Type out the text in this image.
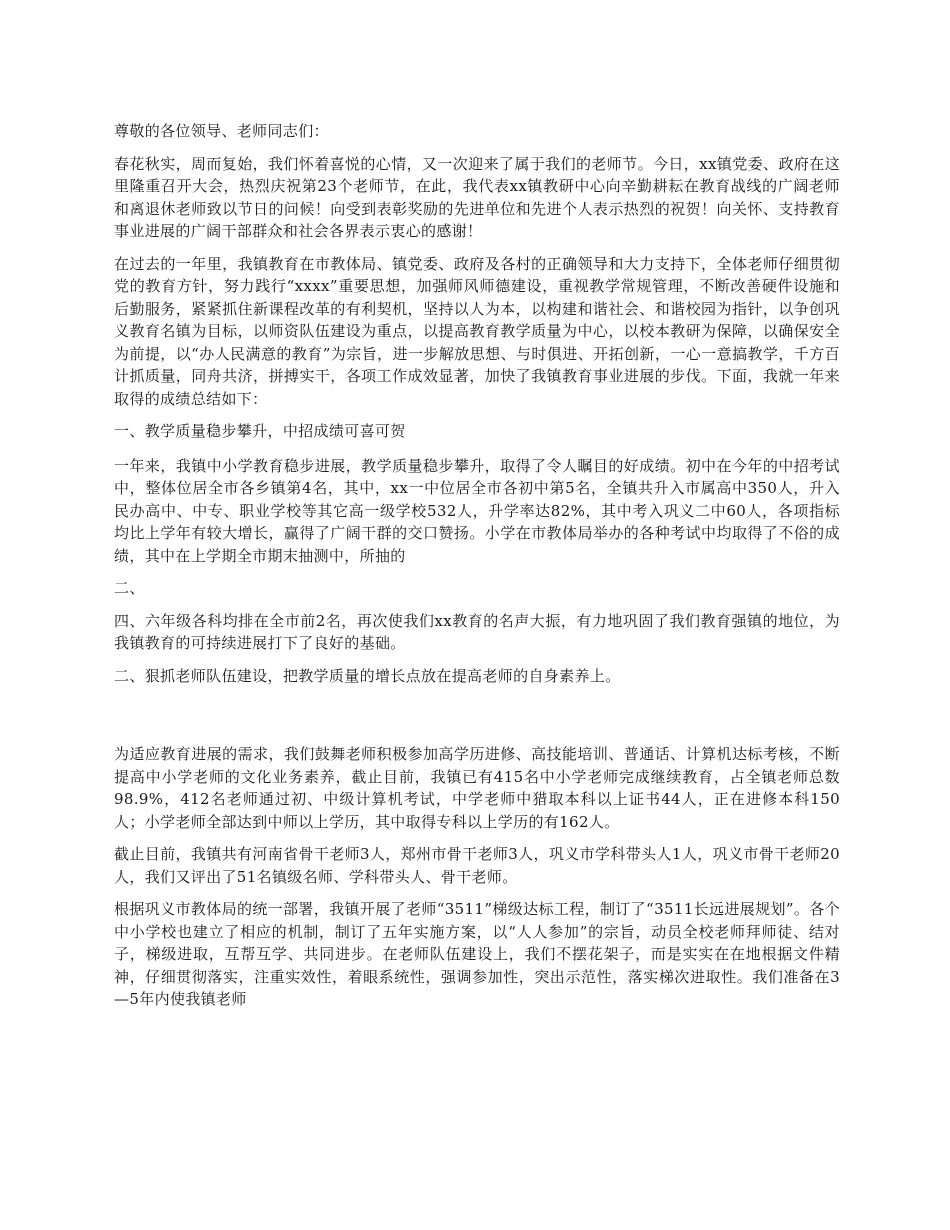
尊敬的各位领导、老师同志们：

春花秋实，周而复始，我们怀着喜悦的心情，又一次迎来了属于我们的老师节。今日，xx镇党委、政府在这里隆重召开大会，热烈庆祝第23个老师节，在此，我代表xx镇教研中心向辛勤耕耘在教育战线的广阔老师和离退休老师致以节日的问候！向受到表彰奖励的先进单位和先进个人表示热烈的祝贺！向关怀、支持教育事业进展的广阔干部群众和社会各界表示衷心的感谢！

在过去的一年里，我镇教育在市教体局、镇党委、政府及各村的正确领导和大力支持下，全体老师仔细贯彻党的教育方针，努力践行“xxxx”重要思想，加强师风师德建设，重视教学常规管理，不断改善硬件设施和后勤服务，紧紧抓住新课程改革的有利契机，坚持以人为本，以构建和谐社会、和谐校园为指针，以争创巩义教育名镇为目标，以师资队伍建设为重点，以提高教育教学质量为中心，以校本教研为保障，以确保安全为前提，以“办人民满意的教育”为宗旨，进一步解放思想、与时俱进、开拓创新，一心一意搞教学，千方百计抓质量，同舟共济，拼搏实干，各项工作成效显著，加快了我镇教育事业进展的步伐。下面，我就一年来取得的成绩总结如下：

一、教学质量稳步攀升，中招成绩可喜可贺

一年来，我镇中小学教育稳步进展，教学质量稳步攀升，取得了令人瞩目的好成绩。初中在今年的中招考试中，整体位居全市各乡镇第4名，其中，xx一中位居全市各初中第5名，全镇共升入市属高中350人，升入民办高中、中专、职业学校等其它高一级学校532人，升学率达82%，其中考入巩义二中60人，各项指标均比上学年有较大增长，赢得了广阔干群的交口赞扬。小学在市教体局举办的各种考试中均取得了不俗的成绩，其中在上学期全市期末抽测中，所抽的

二、

四、六年级各科均排在全市前2名，再次使我们xx教育的名声大振，有力地巩固了我们教育强镇的地位，为我镇教育的可持续进展打下了良好的基础。

二、狠抓老师队伍建设，把教学质量的增长点放在提高老师的自身素养上。

为适应教育进展的需求，我们鼓舞老师积极参加高学历进修、高技能培训、普通话、计算机达标考核，不断提高中小学老师的文化业务素养，截止目前，我镇已有415名中小学老师完成继续教育，占全镇老师总数98.9%，412名老师通过初、中级计算机考试，中学老师中猎取本科以上证书44人，正在进修本科150人；小学老师全部达到中师以上学历，其中取得专科以上学历的有162人。

截止目前，我镇共有河南省骨干老师3人，郑州市骨干老师3人，巩义市学科带头人1人，巩义市骨干老师20人，我们又评出了51名镇级名师、学科带头人、骨干老师。

根据巩义市教体局的统一部署，我镇开展了老师“3511”梯级达标工程，制订了“3511长远进展规划”。各个中小学校也建立了相应的机制，制订了五年实施方案，以“人人参加”的宗旨，动员全校老师拜师徒、结对子，梯级进取，互帮互学、共同进步。在老师队伍建设上，我们不摆花架子，而是实实在在地根据文件精神，仔细贯彻落实，注重实效性，着眼系统性，强调参加性，突出示范性，落实梯次进取性。我们准备在3—5年内使我镇老师
